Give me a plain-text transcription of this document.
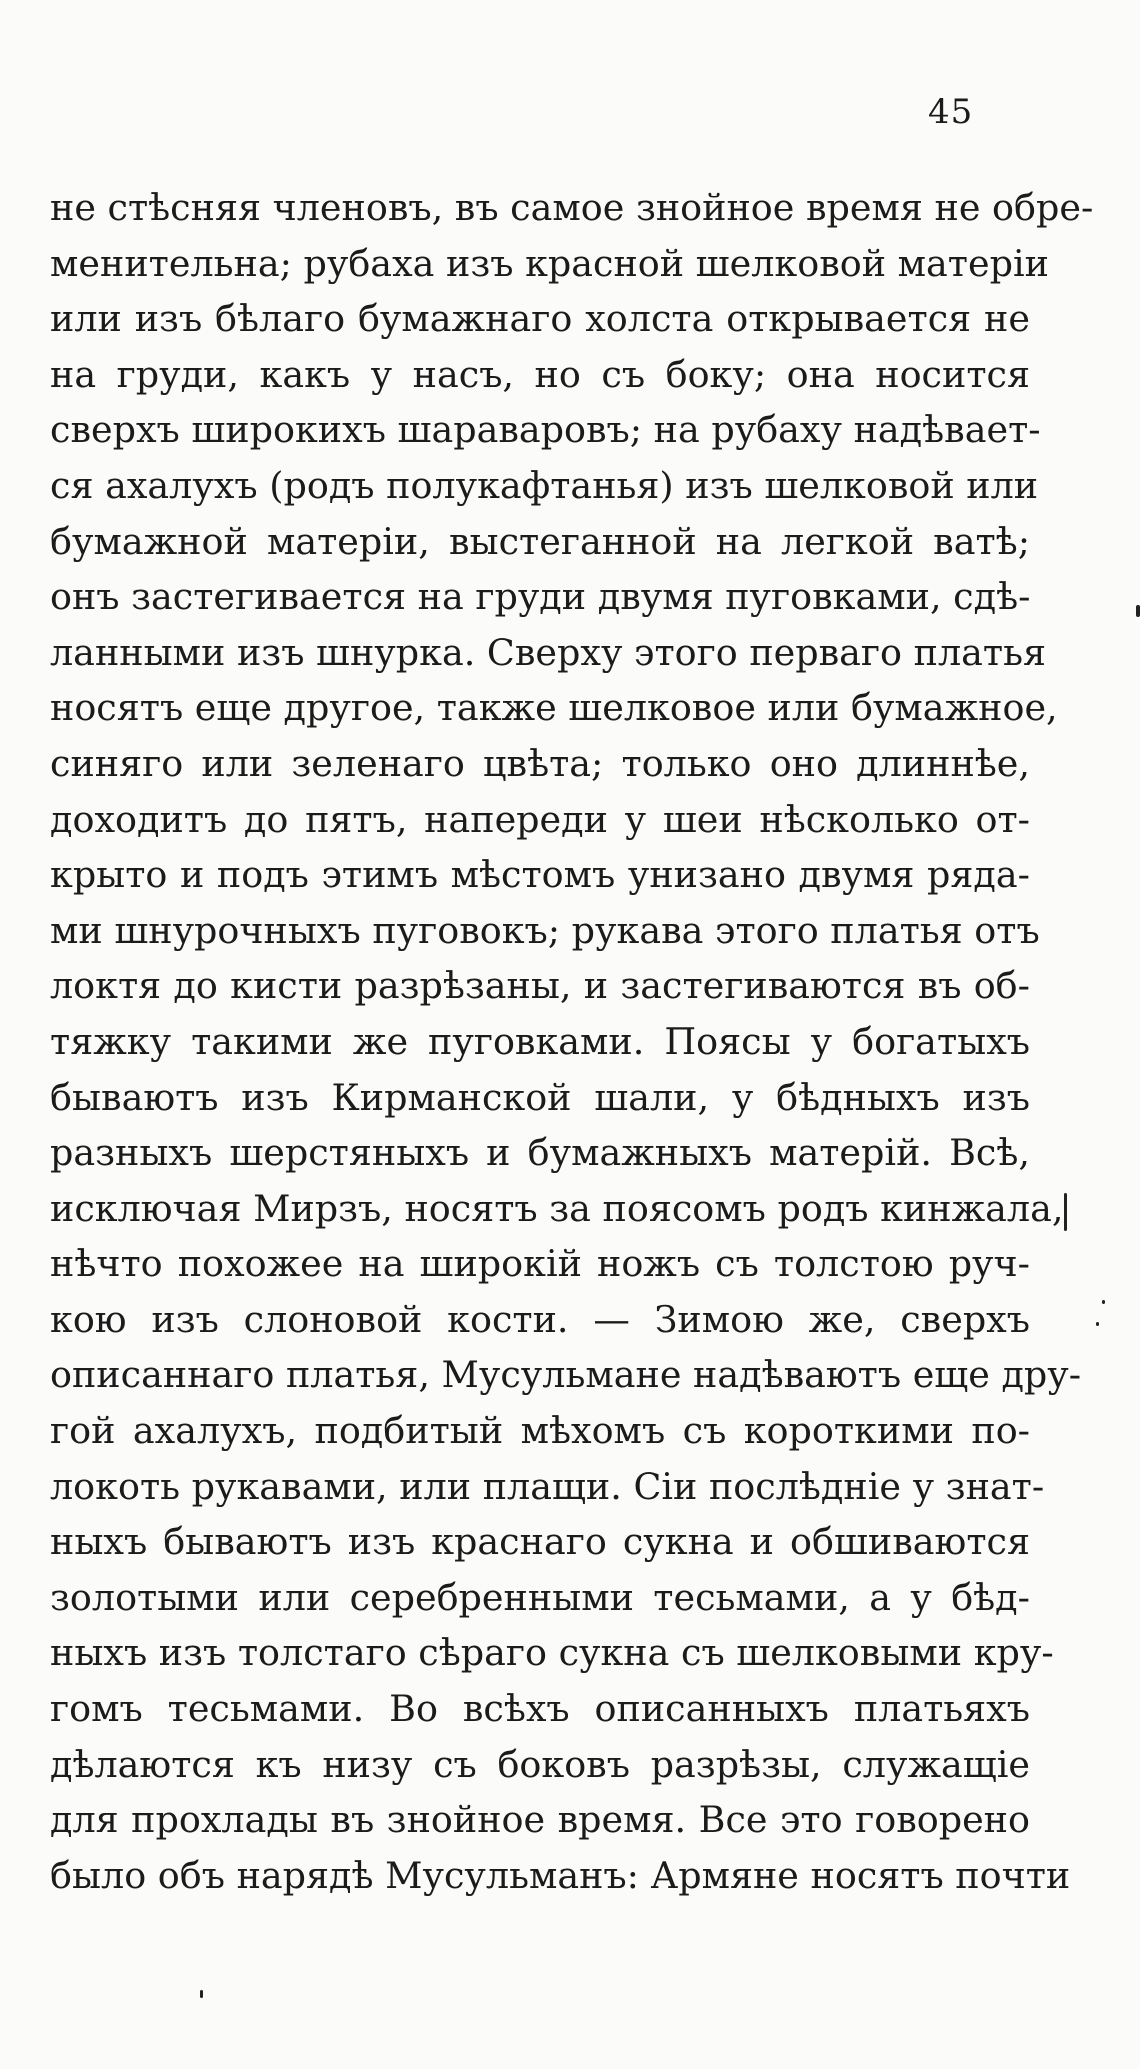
45
не стѣсняя членовъ, въ самое знойное время не обре-
менительна; рубаха изъ красной шелковой матеріи
или изъ бѣлаго бумажнаго холста открывается не
на груди, какъ у насъ, но съ боку; она носится
сверхъ широкихъ шараваровъ; на рубаху надѣвает-
ся ахалухъ (родъ полукафтанья) изъ шелковой или
бумажной матеріи, выстеганной на легкой ватѣ;
онъ застегивается на груди двумя пуговками, сдѣ-
ланными изъ шнурка. Сверху этого перваго платья
носятъ еще другое, также шелковое или бумажное,
синяго или зеленаго цвѣта; только оно длиннѣе,
доходитъ до пятъ, напереди у шеи нѣсколько от-
крыто и подъ этимъ мѣстомъ унизано двумя ряда-
ми шнурочныхъ пуговокъ; рукава этого платья отъ
локтя до кисти разрѣзаны, и застегиваются въ об-
тяжку такими же пуговками. Поясы у богатыхъ
бываютъ изъ Кирманской шали, у бѣдныхъ изъ
разныхъ шерстяныхъ и бумажныхъ матерій. Всѣ,
исключая Мирзъ, носятъ за поясомъ родъ кинжала,
нѣчто похожее на широкій ножъ съ толстою руч-
кою изъ слоновой кости. — Зимою же, сверхъ
описаннаго платья, Мусульмане надѣваютъ еще дру-
гой ахалухъ, подбитый мѣхомъ съ короткими по-
локоть рукавами, или плащи. Сіи послѣдніе у знат-
ныхъ бываютъ изъ краснаго сукна и обшиваются
золотыми или серебренными тесьмами, а у бѣд-
ныхъ изъ толстаго сѣраго сукна съ шелковыми кру-
гомъ тесьмами. Во всѣхъ описанныхъ платьяхъ
дѣлаются къ низу съ боковъ разрѣзы, служащіе
для прохлады въ знойное время. Все это говорено
было объ нарядѣ Мусульманъ: Армяне носятъ почти
